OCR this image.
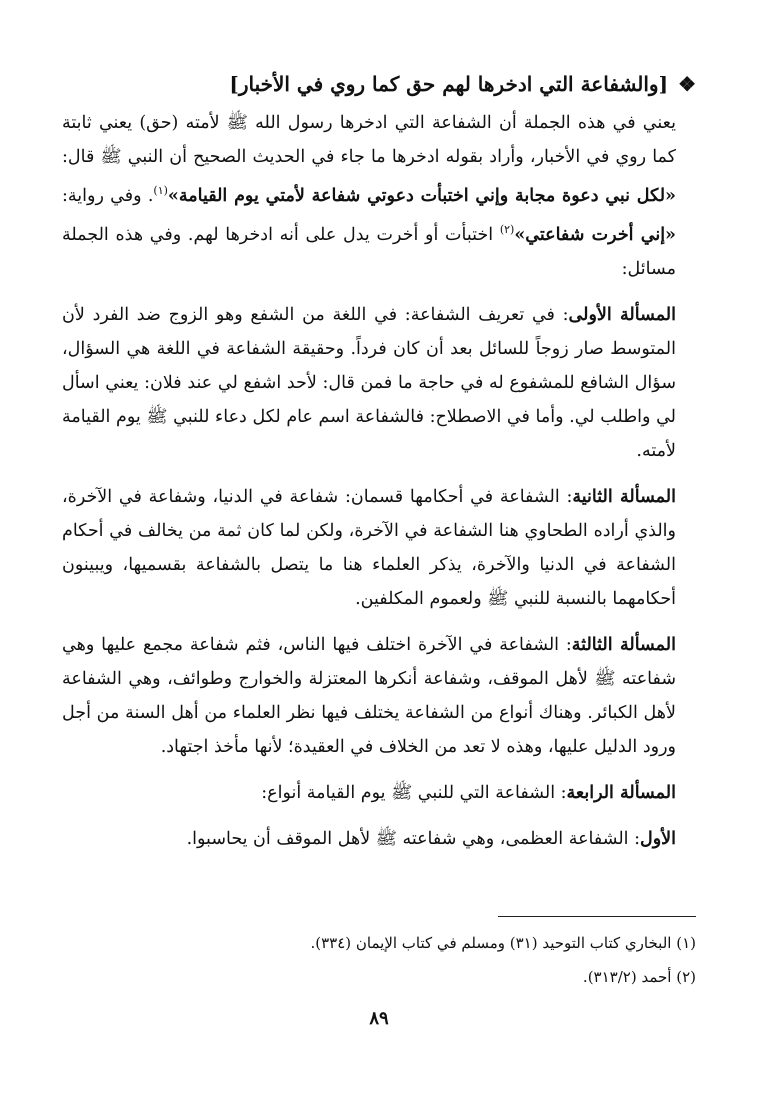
❖[والشفاعة التي ادخرها لهم حق كما روي في الأخبار]

يعني في هذه الجملة أن الشفاعة التي ادخرها رسول الله ﷺ لأمته (حق) يعني ثابتة كما روي في الأخبار، وأراد بقوله ادخرها ما جاء في الحديث الصحيح أن النبي ﷺ قال: «لكل نبي دعوة مجابة وإني اختبأت دعوتي شفاعة لأمتي يوم القيامة»$^{(١)}$. وفي رواية: «إني أخرت شفاعتي»$^{(٢)}$ اختبأت أو أخرت يدل على أنه ادخرها لهم. وفي هذه الجملة مسائل:

المسألة الأولى: في تعريف الشفاعة: في اللغة من الشفع وهو الزوج ضد الفرد لأن المتوسط صار زوجاً للسائل بعد أن كان فرداً. وحقيقة الشفاعة في اللغة هي السؤال، سؤال الشافع للمشفوع له في حاجة ما فمن قال: لأحد اشفع لي عند فلان: يعني اسأل لي واطلب لي. وأما في الاصطلاح: فالشفاعة اسم عام لكل دعاء للنبي ﷺ يوم القيامة لأمته.

المسألة الثانية: الشفاعة في أحكامها قسمان: شفاعة في الدنيا، وشفاعة في الآخرة، والذي أراده الطحاوي هنا الشفاعة في الآخرة، ولكن لما كان ثمة من يخالف في أحكام الشفاعة في الدنيا والآخرة، يذكر العلماء هنا ما يتصل بالشفاعة بقسميها، ويبينون أحكامهما بالنسبة للنبي ﷺ ولعموم المكلفين.

المسألة الثالثة: الشفاعة في الآخرة اختلف فيها الناس، فثم شفاعة مجمع عليها وهي شفاعته ﷺ لأهل الموقف، وشفاعة أنكرها المعتزلة والخوارج وطوائف، وهي الشفاعة لأهل الكبائر. وهناك أنواع من الشفاعة يختلف فيها نظر العلماء من أهل السنة من أجل ورود الدليل عليها، وهذه لا تعد من الخلاف في العقيدة؛ لأنها مأخذ اجتهاد.

المسألة الرابعة: الشفاعة التي للنبي ﷺ يوم القيامة أنواع:

الأول: الشفاعة العظمى، وهي شفاعته ﷺ لأهل الموقف أن يحاسبوا.

(١) البخاري كتاب التوحيد (٣١) ومسلم في كتاب الإيمان (٣٣٤).

(٢) أحمد (٣١٣/٢).

٨٩
